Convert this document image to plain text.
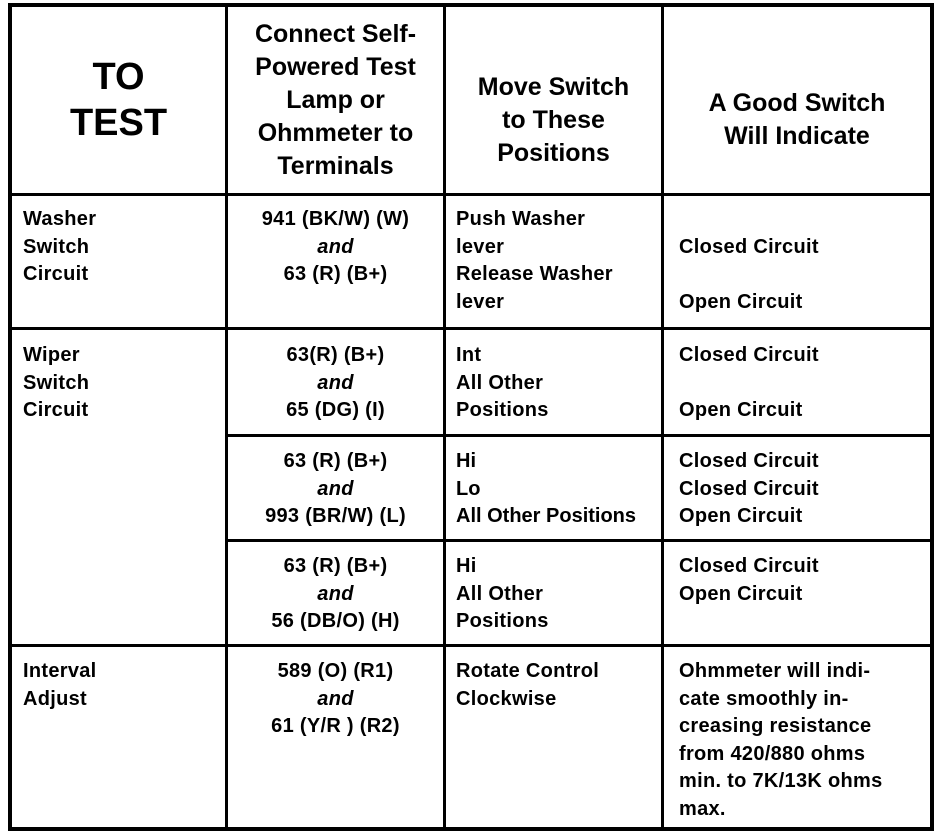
TO
TEST
Connect Self-
Powered Test
Lamp or
Ohmmeter to
Terminals
Move Switch
to These
Positions
A Good Switch
Will Indicate
Washer
Switch
Circuit
941 (BK/W) (W)
and
63 (R) (B+)
Push Washer
lever
Release Washer
lever
Closed Circuit
Open Circuit
Wiper
Switch
Circuit
63(R) (B+)
and
65 (DG) (I)
Int
All Other
Positions
Closed Circuit
Open Circuit
63 (R) (B+)
and
993 (BR/W) (L)
Hi
Lo
All Other Positions
Closed Circuit
Closed Circuit
Open Circuit
63 (R) (B+)
and
56 (DB/O) (H)
Hi
All Other
Positions
Closed Circuit
Open Circuit
Interval
Adjust
589 (O) (R1)
and
61 (Y/R ) (R2)
Rotate Control
Clockwise
Ohmmeter will indi-
cate smoothly in-
creasing resistance
from 420/880 ohms
min. to 7K/13K ohms
max.
